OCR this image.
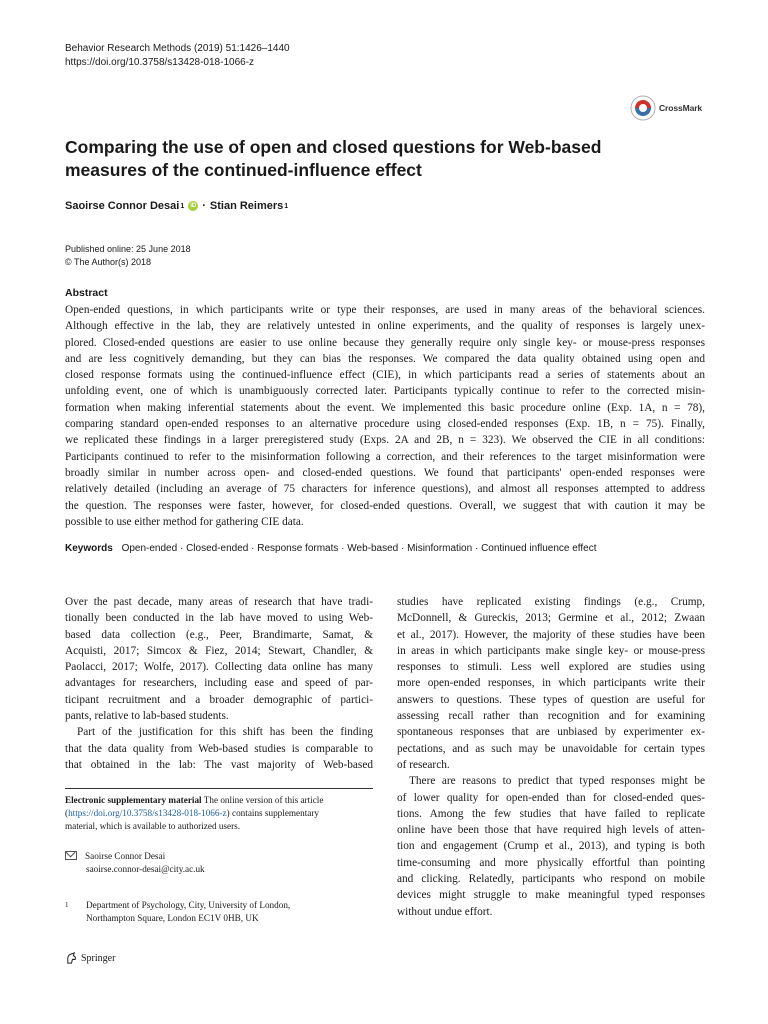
Behavior Research Methods (2019) 51:1426–1440
https://doi.org/10.3758/s13428-018-1066-z
CrossMark
Comparing the use of open and closed questions for Web-based measures of the continued-influence effect
Saoirse Connor Desai 1	iD · Stian Reimers 1
Published online: 25 June 2018
© The Author(s) 2018
Abstract
Open-ended questions, in which participants write or type their responses, are used in many areas of the behavioral sciences.
Although effective in the lab, they are relatively untested in online experiments, and the quality of responses is largely unex-
plored. Closed-ended questions are easier to use online because they generally require only single key- or mouse-press responses
and are less cognitively demanding, but they can bias the responses. We compared the data quality obtained using open and
closed response formats using the continued-influence effect (CIE), in which participants read a series of statements about an
unfolding event, one of which is unambiguously corrected later. Participants typically continue to refer to the corrected misin-
formation when making inferential statements about the event. We implemented this basic procedure online (Exp. 1A, n = 78),
comparing standard open-ended responses to an alternative procedure using closed-ended responses (Exp. 1B, n = 75). Finally,
we replicated these findings in a larger preregistered study (Exps. 2A and 2B, n = 323). We observed the CIE in all conditions:
Participants continued to refer to the misinformation following a correction, and their references to the target misinformation were
broadly similar in number across open- and closed-ended questions. We found that participants' open-ended responses were
relatively detailed (including an average of 75 characters for inference questions), and almost all responses attempted to address
the question. The responses were faster, however, for closed-ended questions. Overall, we suggest that with caution it may be
possible to use either method for gathering CIE data.
Keywords Open-ended · Closed-ended · Response formats · Web-based · Misinformation · Continued influence effect
Over the past decade, many areas of research that have tradi-
tionally been conducted in the lab have moved to using Web-
based data collection (e.g., Peer, Brandimarte, Samat, &
Acquisti, 2017; Simcox & Fiez, 2014; Stewart, Chandler, &
Paolacci, 2017; Wolfe, 2017). Collecting data online has many
advantages for researchers, including ease and speed of par-
ticipant recruitment and a broader demographic of partici-
pants, relative to lab-based students.
Part of the justification for this shift has been the finding
that the data quality from Web-based studies is comparable to
that obtained in the lab: The vast majority of Web-based
studies have replicated existing findings (e.g., Crump,
McDonnell, & Gureckis, 2013; Germine et al., 2012; Zwaan
et al., 2017). However, the majority of these studies have been
in areas in which participants make single key- or mouse-press
responses to stimuli. Less well explored are studies using
more open-ended responses, in which participants write their
answers to questions. These types of question are useful for
assessing recall rather than recognition and for examining
spontaneous responses that are unbiased by experimenter ex-
pectations, and as such may be unavoidable for certain types
of research.
There are reasons to predict that typed responses might be
of lower quality for open-ended than for closed-ended ques-
tions. Among the few studies that have failed to replicate
online have been those that have required high levels of atten-
tion and engagement (Crump et al., 2013), and typing is both
time-consuming and more physically effortful than pointing
and clicking. Relatedly, participants who respond on mobile
devices might struggle to make meaningful typed responses
without undue effort.
Electronic supplementary material The online version of this article
(https://doi.org/10.3758/s13428-018-1066-z) contains supplementary
material, which is available to authorized users.
Saoirse Connor Desai
saoirse.connor-desai@city.ac.uk
1 Department of Psychology, City, University of London,
Northampton Square, London EC1V 0HB, UK
Springer
